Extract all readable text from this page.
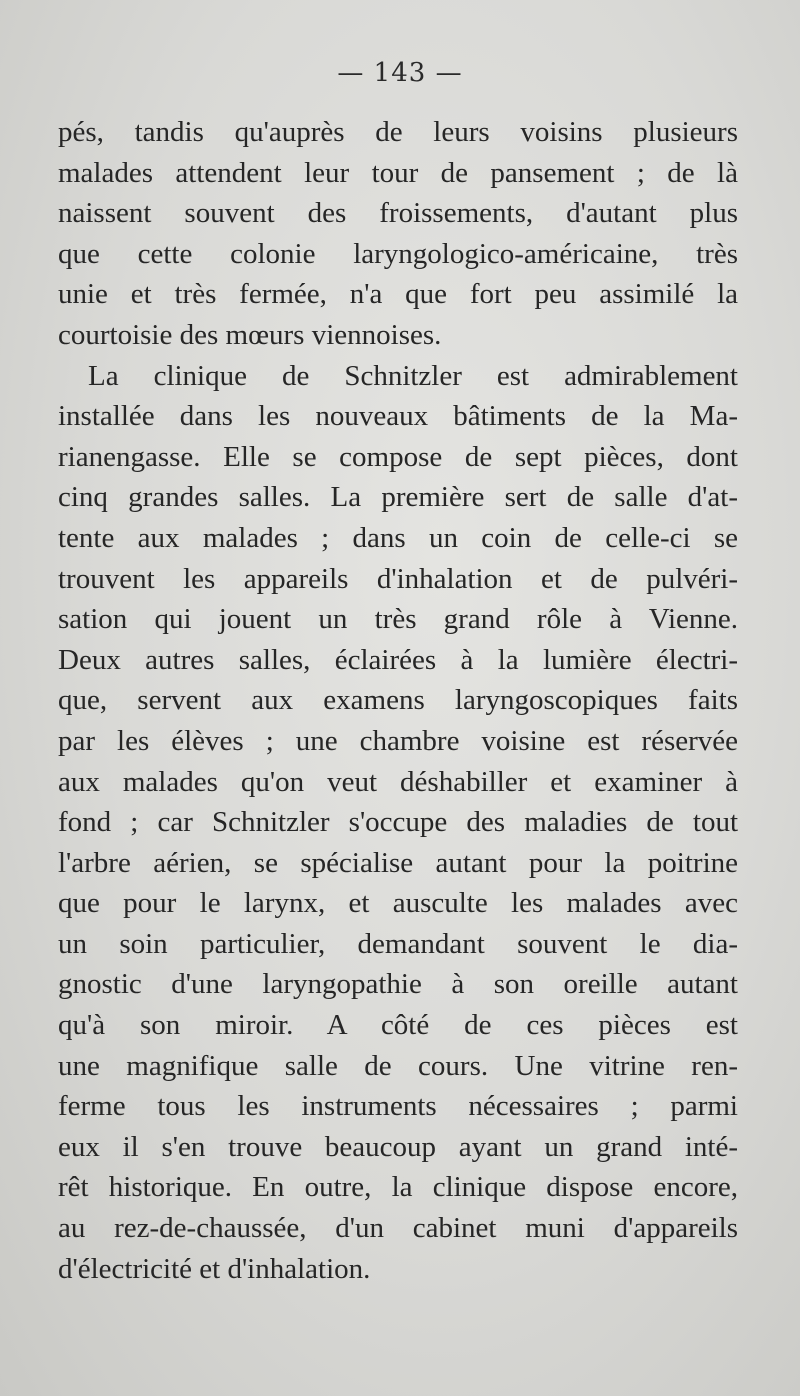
— 143 —
pés, tandis qu'auprès de leurs voisins plusieurs
malades attendent leur tour de pansement ; de là
naissent souvent des froissements, d'autant plus
que cette colonie laryngologico-américaine, très
unie et très fermée, n'a que fort peu assimilé la
courtoisie des mœurs viennoises.
La clinique de Schnitzler est admirablement
installée dans les nouveaux bâtiments de la Ma-
rianengasse. Elle se compose de sept pièces, dont
cinq grandes salles. La première sert de salle d'at-
tente aux malades ; dans un coin de celle-ci se
trouvent les appareils d'inhalation et de pulvéri-
sation qui jouent un très grand rôle à Vienne.
Deux autres salles, éclairées à la lumière électri-
que, servent aux examens laryngoscopiques faits
par les élèves ; une chambre voisine est réservée
aux malades qu'on veut déshabiller et examiner à
fond ; car Schnitzler s'occupe des maladies de tout
l'arbre aérien, se spécialise autant pour la poitrine
que pour le larynx, et ausculte les malades avec
un soin particulier, demandant souvent le dia-
gnostic d'une laryngopathie à son oreille autant
qu'à son miroir. A côté de ces pièces est
une magnifique salle de cours. Une vitrine ren-
ferme tous les instruments nécessaires ; parmi
eux il s'en trouve beaucoup ayant un grand inté-
rêt historique. En outre, la clinique dispose encore,
au rez-de-chaussée, d'un cabinet muni d'appareils
d'électricité et d'inhalation.
